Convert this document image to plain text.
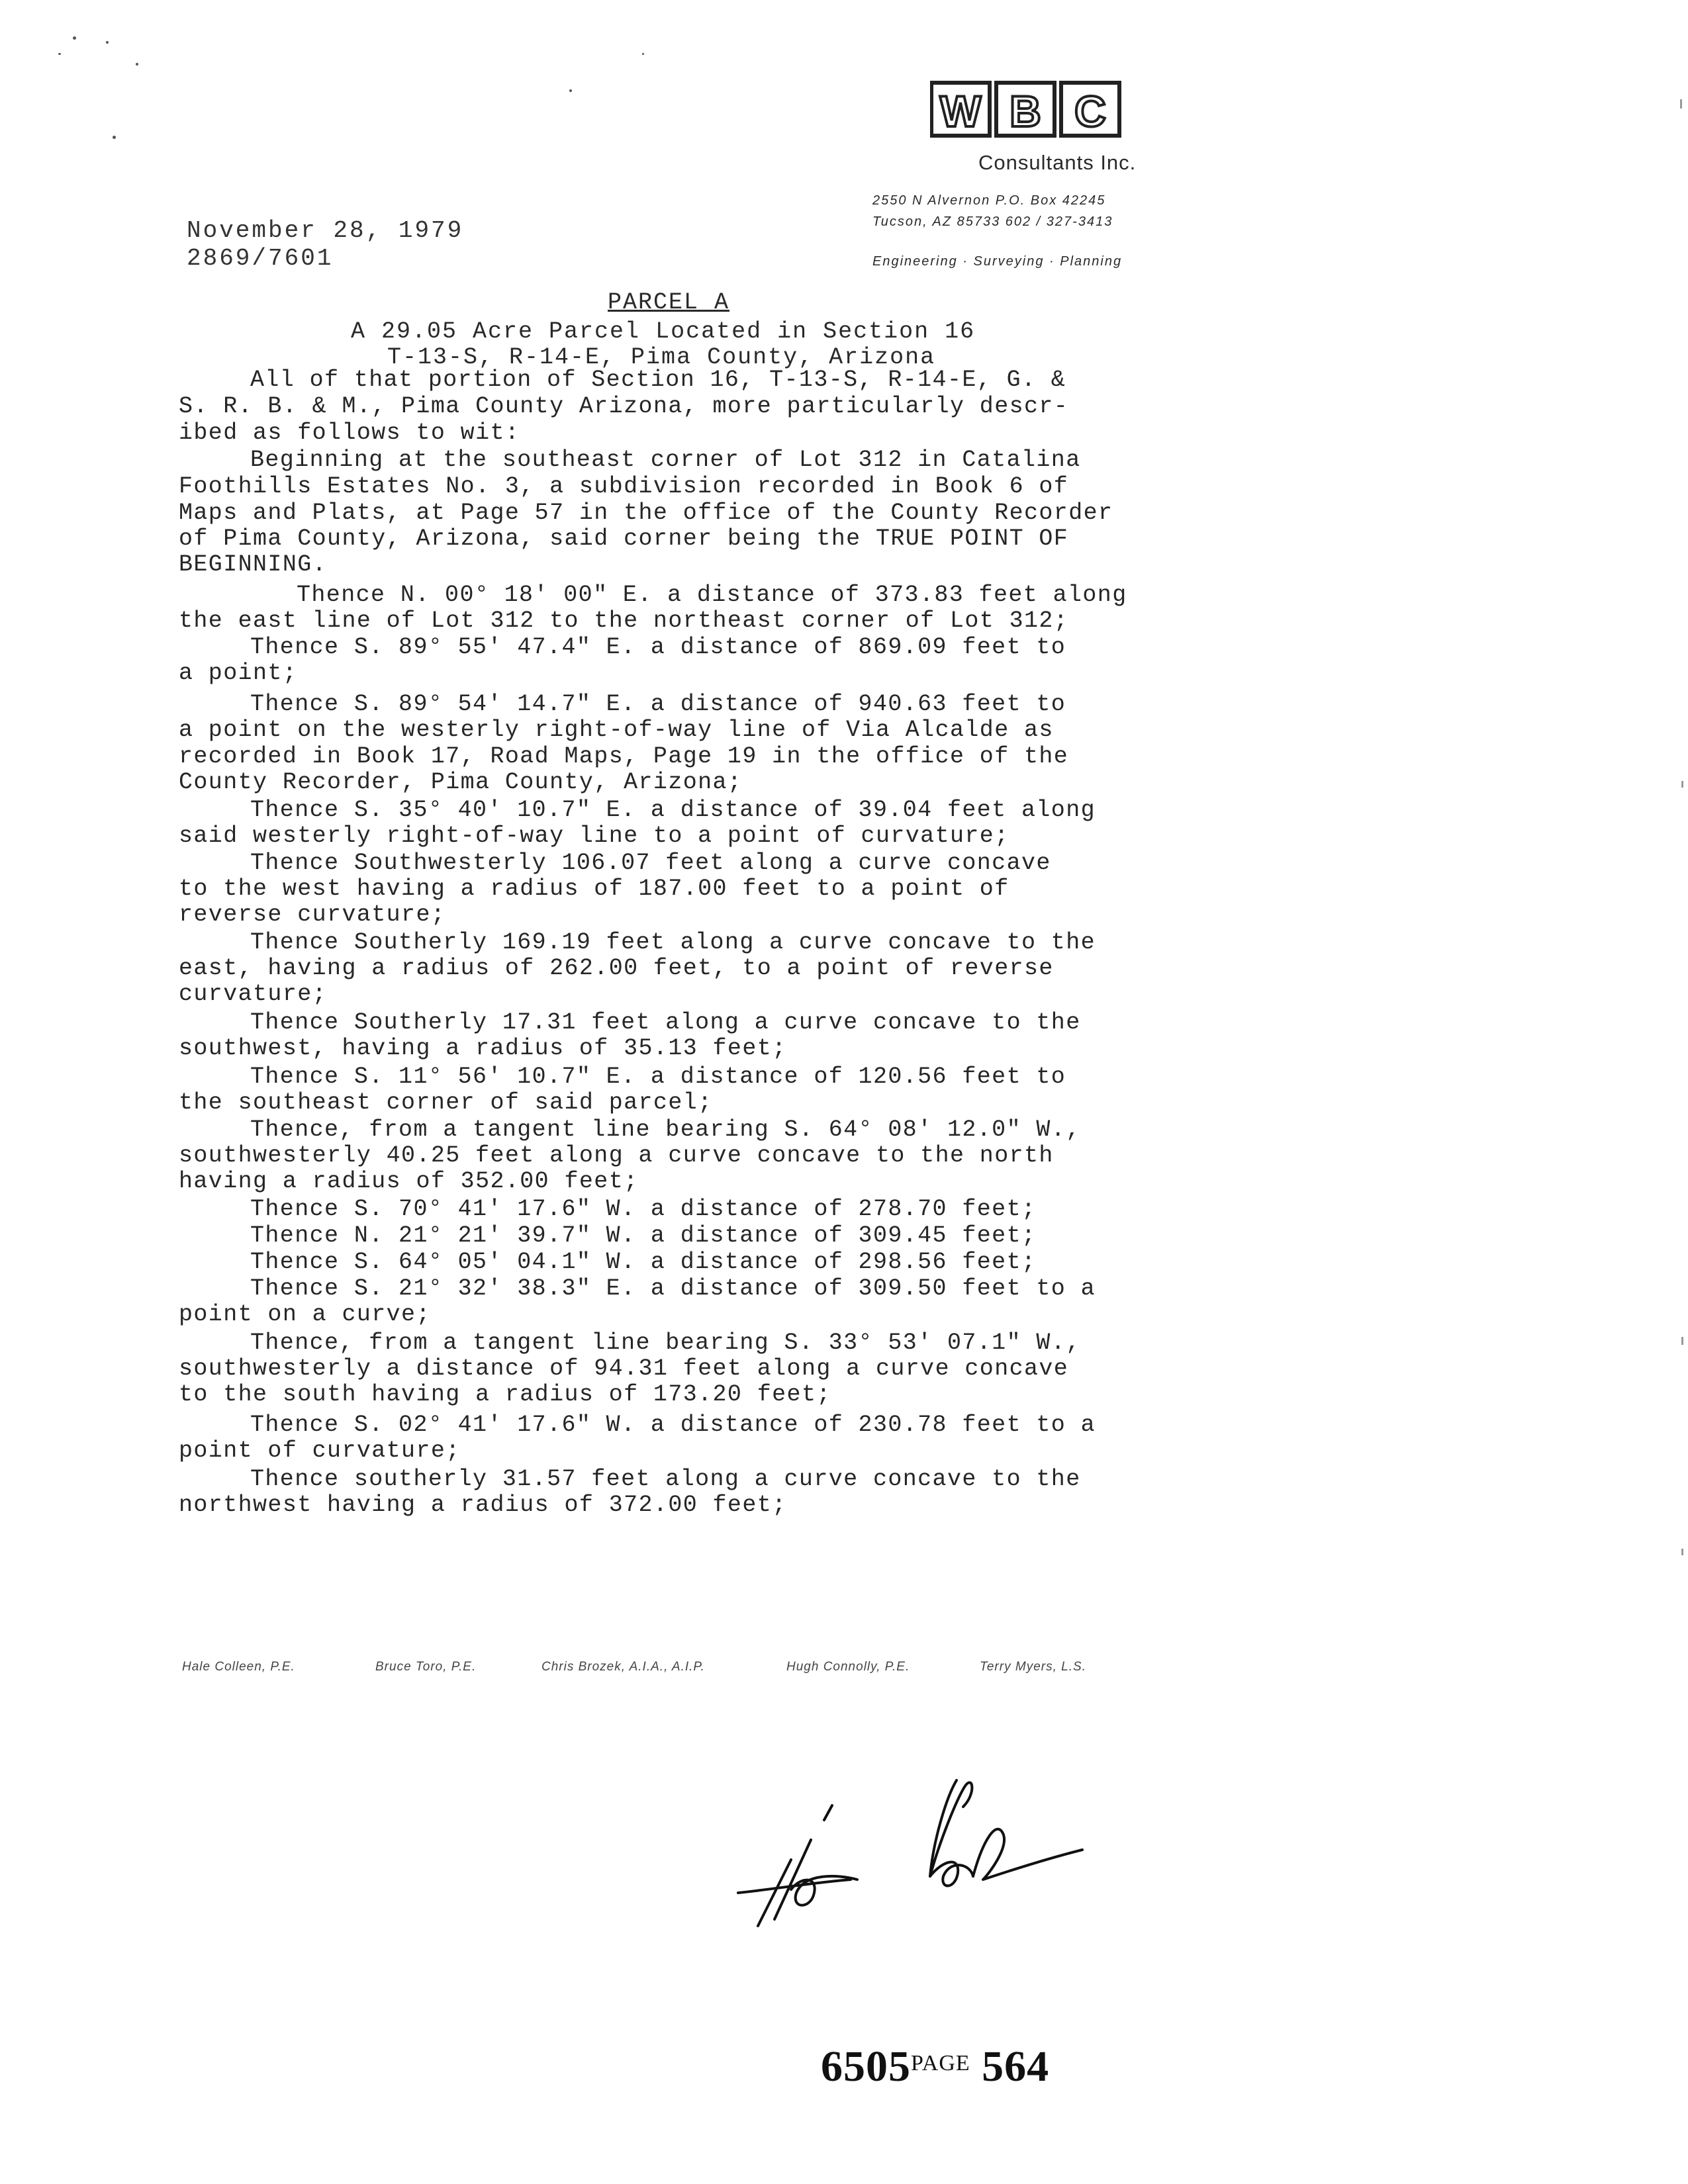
W B C
Consultants Inc.
2550 N Alvernon P.O. Box 42245
Tucson, AZ 85733 602 / 327-3413
Engineering · Surveying · Planning
November 28, 1979
2869/7601
PARCEL A
A 29.05 Acre Parcel Located in Section 16
T-13-S, R-14-E, Pima County, Arizona
All of that portion of Section 16, T-13-S, R-14-E, G. &
S. R. B. & M., Pima County Arizona, more particularly descr-
ibed as follows to wit:
Beginning at the southeast corner of Lot 312 in Catalina
Foothills Estates No. 3, a subdivision recorded in Book 6 of
Maps and Plats, at Page 57 in the office of the County Recorder
of Pima County, Arizona, said corner being the TRUE POINT OF
BEGINNING.
Thence N. 00° 18' 00" E. a distance of 373.83 feet along
the east line of Lot 312 to the northeast corner of Lot 312;
Thence S. 89° 55' 47.4" E. a distance of 869.09 feet to
a point;
Thence S. 89° 54' 14.7" E. a distance of 940.63 feet to
a point on the westerly right-of-way line of Via Alcalde as
recorded in Book 17, Road Maps, Page 19 in the office of the
County Recorder, Pima County, Arizona;
Thence S. 35° 40' 10.7" E. a distance of 39.04 feet along
said westerly right-of-way line to a point of curvature;
Thence Southwesterly 106.07 feet along a curve concave
to the west having a radius of 187.00 feet to a point of
reverse curvature;
Thence Southerly 169.19 feet along a curve concave to the
east, having a radius of 262.00 feet, to a point of reverse
curvature;
Thence Southerly 17.31 feet along a curve concave to the
southwest, having a radius of 35.13 feet;
Thence S. 11° 56' 10.7" E. a distance of 120.56 feet to
the southeast corner of said parcel;
Thence, from a tangent line bearing S. 64° 08' 12.0" W.,
southwesterly 40.25 feet along a curve concave to the north
having a radius of 352.00 feet;
Thence S. 70° 41' 17.6" W. a distance of 278.70 feet;
Thence N. 21° 21' 39.7" W. a distance of 309.45 feet;
Thence S. 64° 05' 04.1" W. a distance of 298.56 feet;
Thence S. 21° 32' 38.3" E. a distance of 309.50 feet to a
point on a curve;
Thence, from a tangent line bearing S. 33° 53' 07.1" W.,
southwesterly a distance of 94.31 feet along a curve concave
to the south having a radius of 173.20 feet;
Thence S. 02° 41' 17.6" W. a distance of 230.78 feet to a
point of curvature;
Thence southerly 31.57 feet along a curve concave to the
northwest having a radius of 372.00 feet;
Hale Colleen, P.E.	Bruce Toro, P.E.	Chris Brozek, A.I.A., A.I.P.	Hugh Connolly, P.E.	Terry Myers, L.S.
$6505^{PAGE}$ 564
